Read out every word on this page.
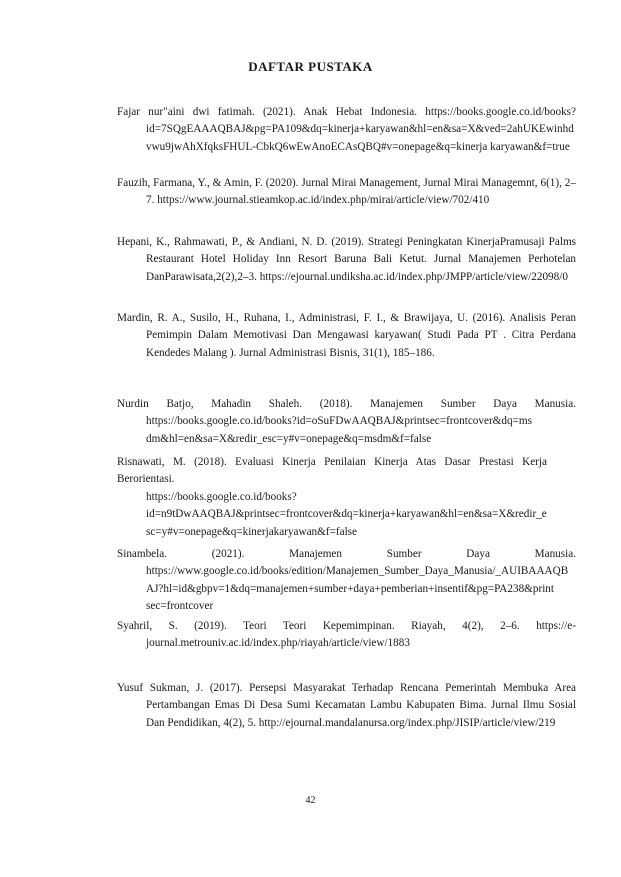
DAFTAR PUSTAKA
Fajar nur"aini dwi fatimah. (2021). Anak Hebat Indonesia. https://books.google.co.id/books?id=7SQgEAAAQBAJ&pg=PA109&dq=kinerja+karyawan&hl=en&sa=X&ved=2ahUKEwinhdvwu9jwAhXfqksFHUL-CbkQ6wEwAnoECAsQBQ#v=onepage&q=kinerja karyawan&f=true
Fauzih, Farmana, Y., & Amin, F. (2020). Jurnal Mirai Management, Jurnal Mirai Managemnt, 6(1), 2–7. https://www.journal.stieamkop.ac.id/index.php/mirai/article/view/702/410
Hepani, K., Rahmawati, P., & Andiani, N. D. (2019). Strategi Peningkatan KinerjaPramusaji Palms Restaurant Hotel Holiday Inn Resort Baruna Bali Ketut. Jurnal Manajemen Perhotelan DanParawisata,2(2),2–3. https://ejournal.undiksha.ac.id/index.php/JMPP/article/view/22098/0
Mardin, R. A., Susilo, H., Ruhana, I., Administrasi, F. I., & Brawijaya, U. (2016). Analisis Peran Pemimpin Dalam Memotivasi Dan Mengawasi karyawan( Studi Pada PT . Citra Perdana Kendedes Malang ). Jurnal Administrasi Bisnis, 31(1), 185–186.
Nurdin Batjo, Mahadin Shaleh. (2018). Manajemen Sumber Daya Manusia. https://books.google.co.id/books?id=oSuFDwAAQBAJ&printsec=frontcover&dq=ms dm&hl=en&sa=X&redir_esc=y#v=onepage&q=msdm&f=false
Risnawati, M. (2018). Evaluasi Kinerja Penilaian Kinerja Atas Dasar Prestasi Kerja Berorientasi.
https://books.google.co.id/books?id=n9tDwAAQBAJ&printsec=frontcover&dq=kinerja+karyawan&hl=en&sa=X&redir_esc=y#v=onepage&q=kinerjakaryawan&f=false
Sinambela. (2021). Manajemen Sumber Daya Manusia. https://www.google.co.id/books/edition/Manajemen_Sumber_Daya_Manusia/_AUIBAAAQBAJ?hl=id&gbpv=1&dq=manajemen+sumber+daya+pemberian+insentif&pg=PA238&print sec=frontcover
Syahril, S. (2019). Teori Teori Kepemimpinan. Riayah, 4(2), 2–6. https://e-journal.metrouniv.ac.id/index.php/riayah/article/view/1883
Yusuf Sukman, J. (2017). Persepsi Masyarakat Terhadap Rencana Pemerintah Membuka Area Pertambangan Emas Di Desa Sumi Kecamatan Lambu Kabupaten Bima. Jurnal Ilmu Sosial Dan Pendidikan, 4(2), 5. http://ejournal.mandalanursa.org/index.php/JISIP/article/view/219
42
